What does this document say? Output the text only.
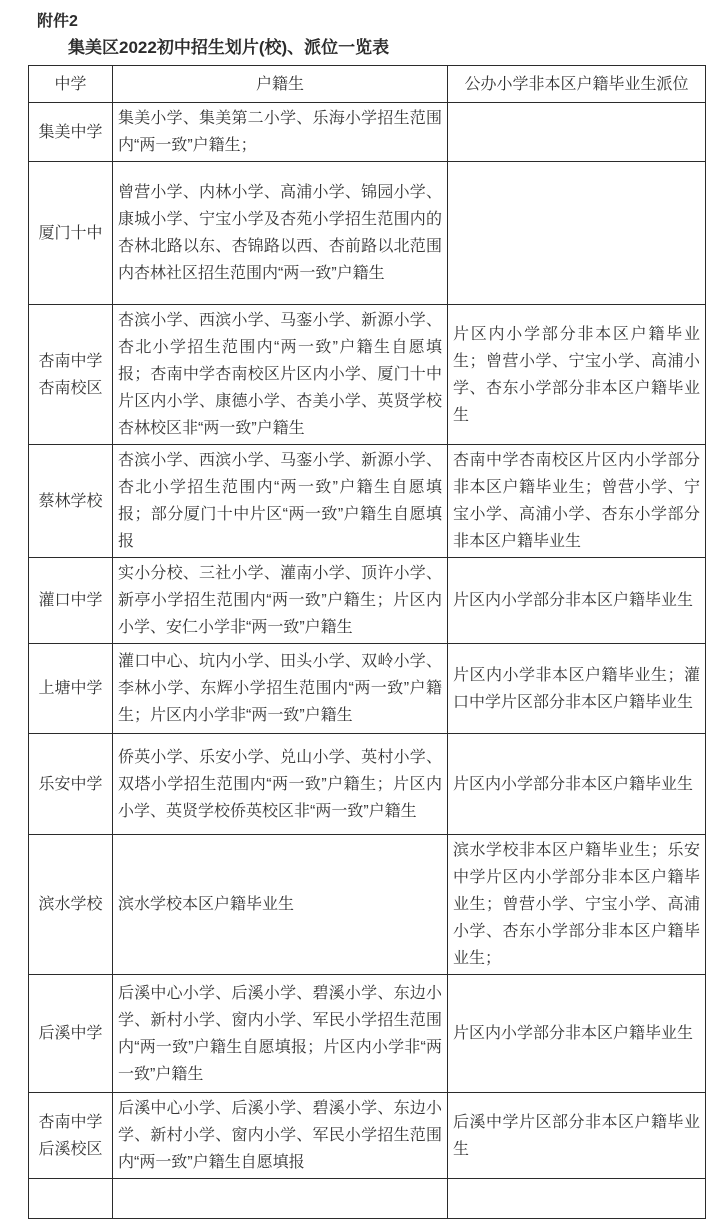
附件2
集美区2022初中招生划片(校)、派位一览表
中学	户籍生	公办小学非本区户籍毕业生派位
集美中学	集美小学、集美第二小学、乐海小学招生范围内“两一致”户籍生；	
厦门十中	曾营小学、内林小学、高浦小学、锦园小学、康城小学、宁宝小学及杏苑小学招生范围内的杏林北路以东、杏锦路以西、杏前路以北范围内杏林社区招生范围内“两一致”户籍生	
杏南中学杏南校区	杏滨小学、西滨小学、马銮小学、新源小学、杏北小学招生范围内“两一致”户籍生自愿填报；杏南中学杏南校区片区内小学、厦门十中片区内小学、康德小学、杏美小学、英贤学校杏林校区非“两一致”户籍生	片区内小学部分非本区户籍毕业生；曾营小学、宁宝小学、高浦小学、杏东小学部分非本区户籍毕业生
蔡林学校	杏滨小学、西滨小学、马銮小学、新源小学、杏北小学招生范围内“两一致”户籍生自愿填报；部分厦门十中片区“两一致”户籍生自愿填报	杏南中学杏南校区片区内小学部分非本区户籍毕业生；曾营小学、宁宝小学、高浦小学、杏东小学部分非本区户籍毕业生
灌口中学	实小分校、三社小学、灌南小学、顶许小学、新亭小学招生范围内“两一致”户籍生；片区内小学、安仁小学非“两一致”户籍生	片区内小学部分非本区户籍毕业生
上塘中学	灌口中心、坑内小学、田头小学、双岭小学、李林小学、东辉小学招生范围内“两一致”户籍生；片区内小学非“两一致”户籍生	片区内小学非本区户籍毕业生；灌口中学片区部分非本区户籍毕业生
乐安中学	侨英小学、乐安小学、兑山小学、英村小学、双塔小学招生范围内“两一致”户籍生；片区内小学、英贤学校侨英校区非“两一致”户籍生	片区内小学部分非本区户籍毕业生
滨水学校	滨水学校本区户籍毕业生	滨水学校非本区户籍毕业生；乐安中学片区内小学部分非本区户籍毕业生；曾营小学、宁宝小学、高浦小学、杏东小学部分非本区户籍毕业生；
后溪中学	后溪中心小学、后溪小学、碧溪小学、东边小学、新村小学、窗内小学、军民小学招生范围内“两一致”户籍生自愿填报；片区内小学非“两一致”户籍生	片区内小学部分非本区户籍毕业生
杏南中学后溪校区	后溪中心小学、后溪小学、碧溪小学、东边小学、新村小学、窗内小学、军民小学招生范围内“两一致”户籍生自愿填报	后溪中学片区部分非本区户籍毕业生
